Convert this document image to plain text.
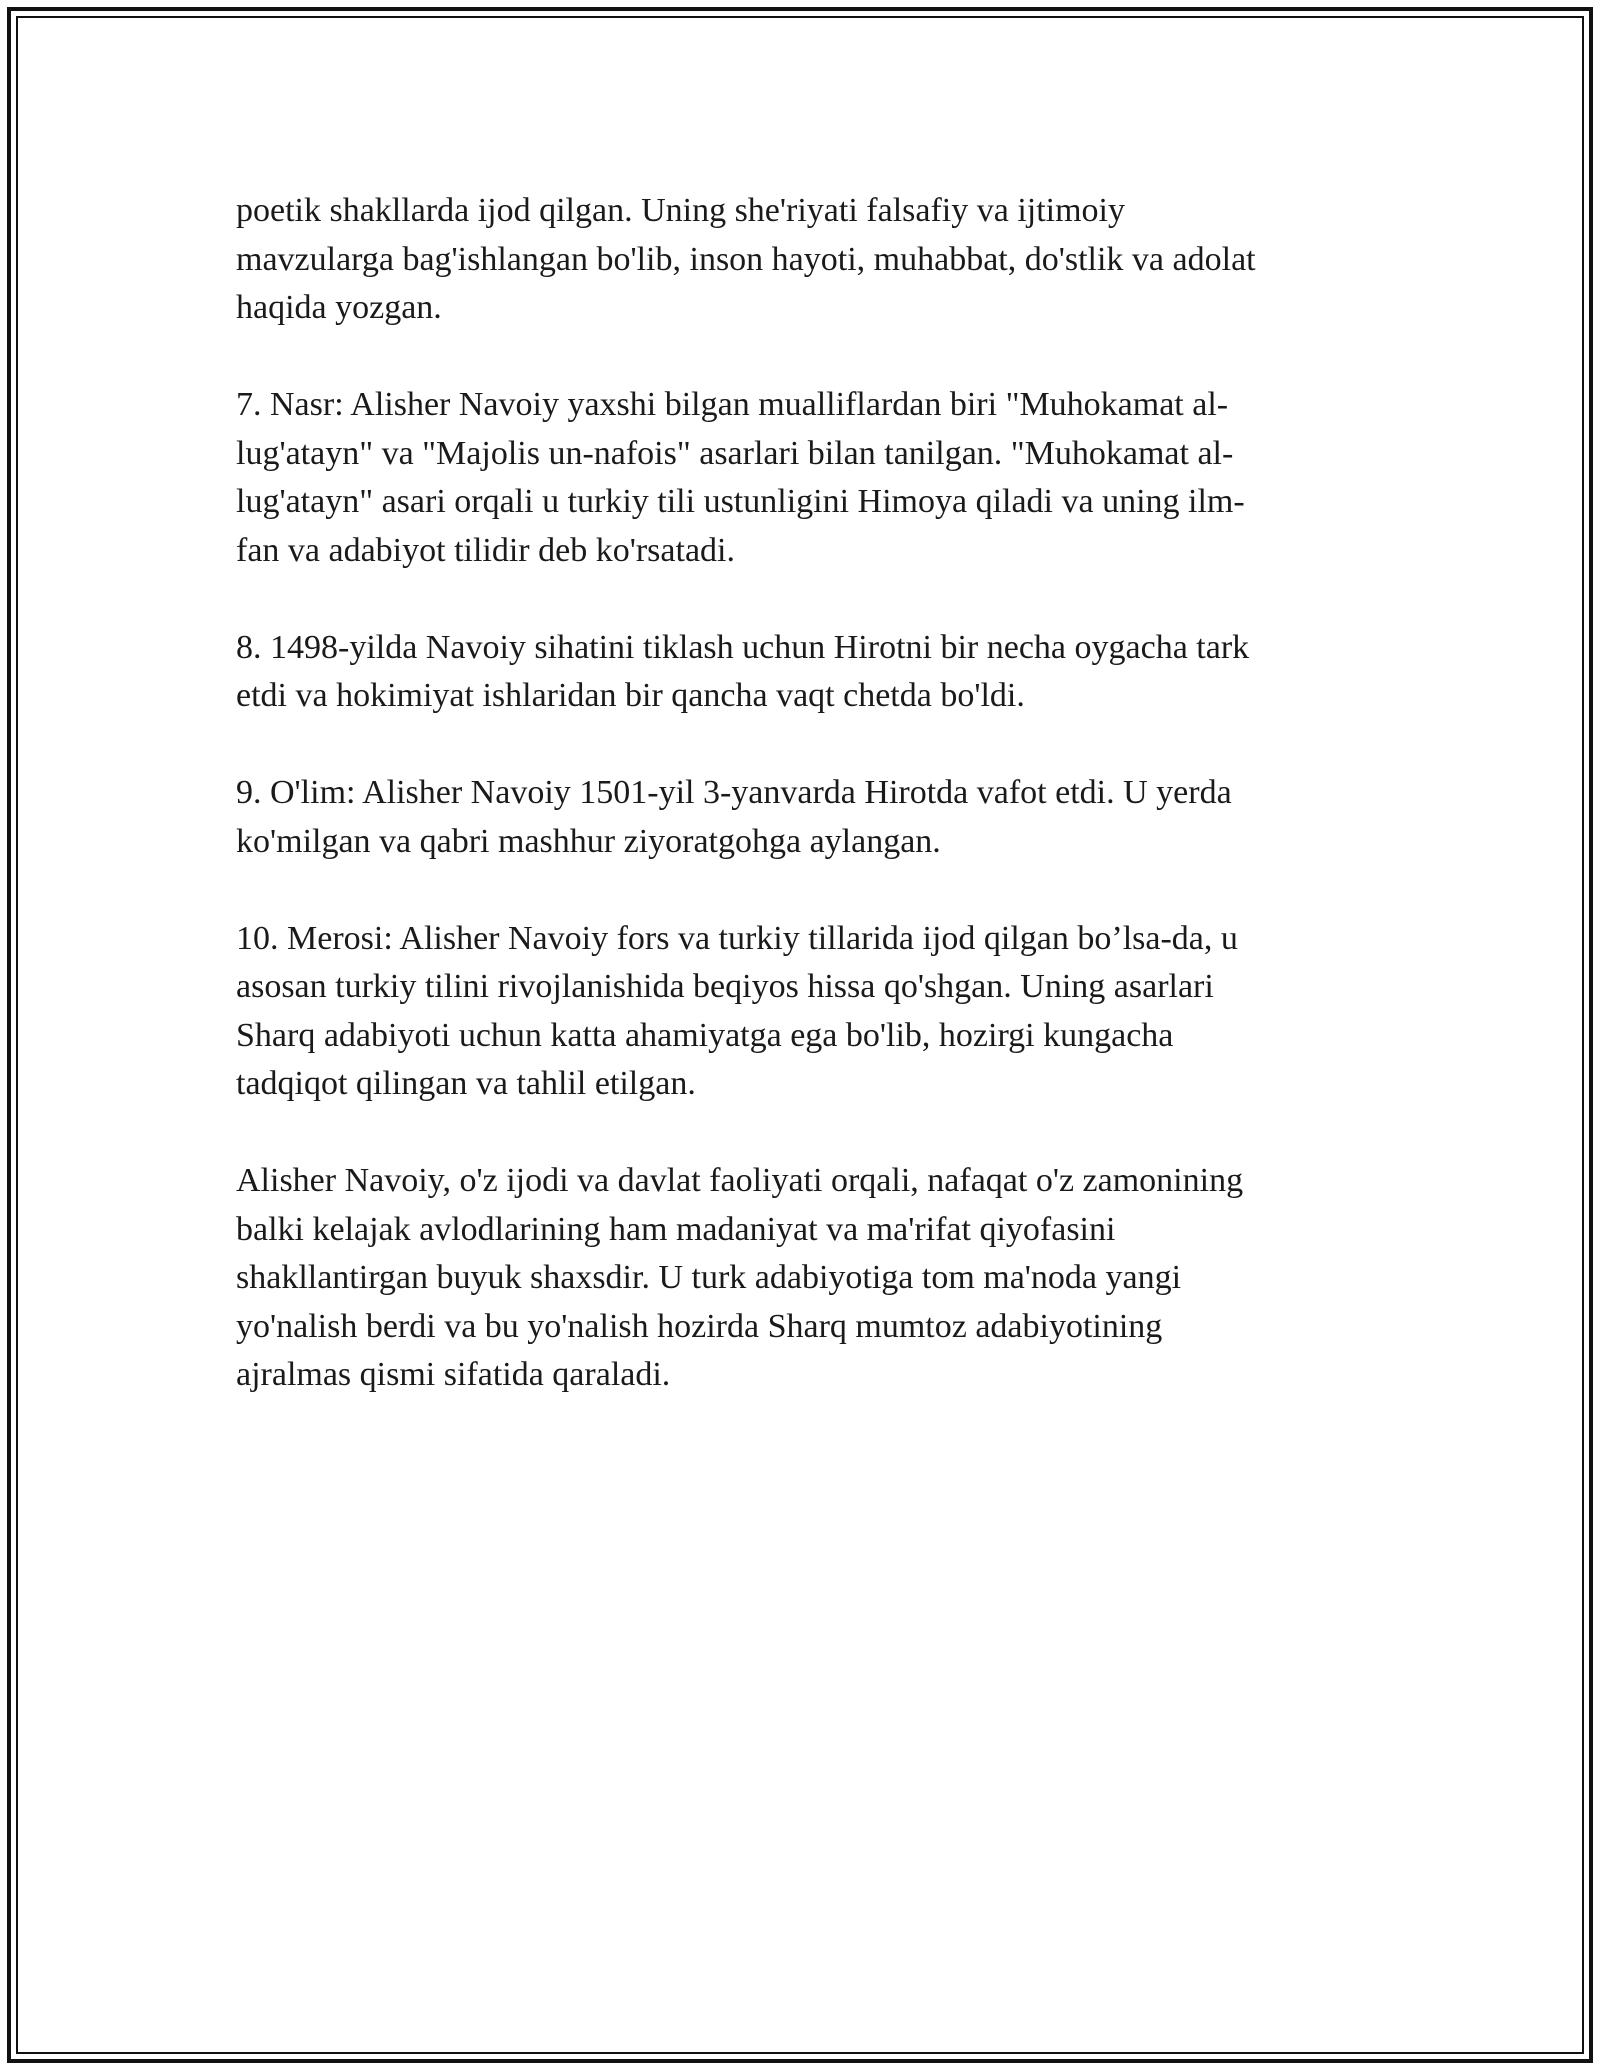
poetik shakllarda ijod qilgan. Uning she'riyati falsafiy va ijtimoiy
mavzularga bag'ishlangan bo'lib, inson hayoti, muhabbat, do'stlik va adolat
haqida yozgan.

7. Nasr: Alisher Navoiy yaxshi bilgan mualliflardan biri "Muhokamat al-
lug'atayn" va "Majolis un-nafois" asarlari bilan tanilgan. "Muhokamat al-
lug'atayn" asari orqali u turkiy tili ustunligini Himoya qiladi va uning ilm-
fan va adabiyot tilidir deb ko'rsatadi.

8. 1498-yilda Navoiy sihatini tiklash uchun Hirotni bir necha oygacha tark
etdi va hokimiyat ishlaridan bir qancha vaqt chetda bo'ldi.

9. O'lim: Alisher Navoiy 1501-yil 3-yanvarda Hirotda vafot etdi. U yerda
ko'milgan va qabri mashhur ziyoratgohga aylangan.

10. Merosi: Alisher Navoiy fors va turkiy tillarida ijod qilgan bo’lsa-da, u
asosan turkiy tilini rivojlanishida beqiyos hissa qo'shgan. Uning asarlari
Sharq adabiyoti uchun katta ahamiyatga ega bo'lib, hozirgi kungacha
tadqiqot qilingan va tahlil etilgan.

Alisher Navoiy, o'z ijodi va davlat faoliyati orqali, nafaqat o'z zamonining
balki kelajak avlodlarining ham madaniyat va ma'rifat qiyofasini
shakllantirgan buyuk shaxsdir. U turk adabiyotiga tom ma'noda yangi
yo'nalish berdi va bu yo'nalish hozirda Sharq mumtoz adabiyotining
ajralmas qismi sifatida qaraladi.
